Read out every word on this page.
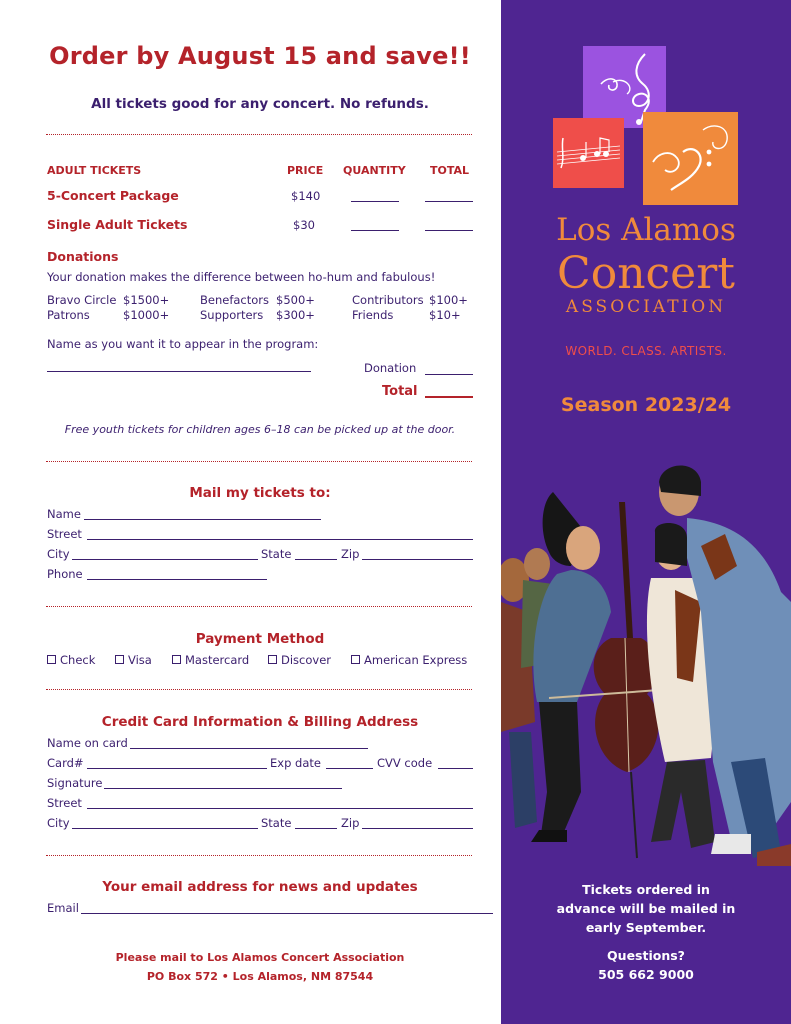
Order by August 15 and save!!
All tickets good for any concert. No refunds.
ADULT TICKETS	PRICE QUANTITY TOTAL
5-Concert Package	$140
Single Adult Tickets	$30
Donations
Your donation makes the difference between ho-hum and fabulous!
Bravo Circle $1500+	Benefactors $500+	Contributors $100+
Patrons	$1000+	Supporters $300+	Friends	$10+
Name as you want it to appear in the program:
Donation
Total
Free youth tickets for children ages 6–18 can be picked up at the door.
Mail my tickets to:
Name
Street
City	State	Zip
Phone
Payment Method
Check	Visa	Mastercard	Discover	American Express
Credit Card Information & Billing Address
Name on card
Card#	Exp date	CVV code
Signature
Street
City	State	Zip
Your email address for news and updates
Email
Please mail to Los Alamos Concert Association
PO Box 572 • Los Alamos, NM 87544
Los Alamos
Concert
ASSOCIATION
WORLD. CLASS. ARTISTS.
Season 2023/24
Tickets ordered in
advance will be mailed in
early September.
Questions?
505 662 9000
